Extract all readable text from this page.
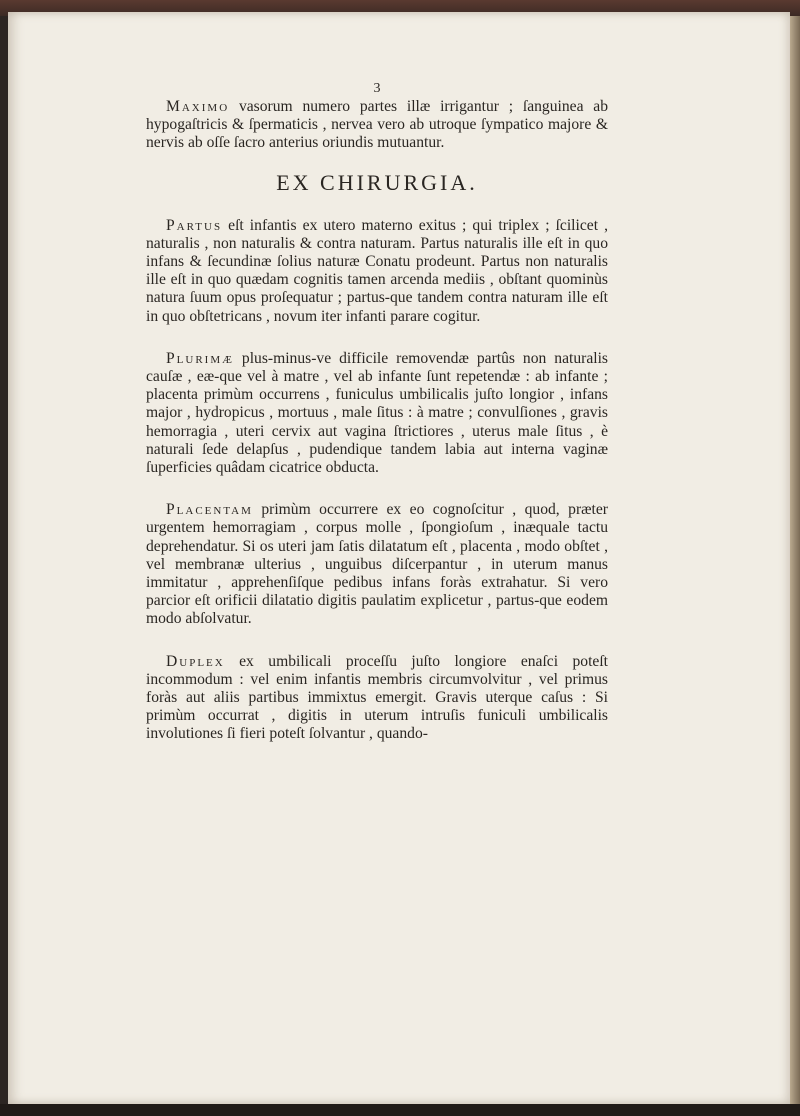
3

Maximo vasorum numero partes illæ irrigantur ; ſanguinea ab hypogaſtricis & ſpermaticis , nervea vero ab utroque ſympatico majore & nervis ab oſſe ſacro anterius oriundis mutuantur.

EX CHIRURGIA.

Partus eſt infantis ex utero materno exitus ; qui triplex ; ſcilicet , naturalis , non naturalis & contra naturam. Partus naturalis ille eſt in quo infans & ſecundinæ ſolius naturæ Conatu prodeunt. Partus non naturalis ille eſt in quo quædam cognitis tamen arcenda mediis , obſtant quominùs natura ſuum opus proſequatur ; partus-que tandem contra naturam ille eſt in quo obſtetricans , novum iter infanti parare cogitur.

Plurimæ plus-minus-ve difficile removendæ partûs non naturalis cauſæ , eæ-que vel à matre , vel ab infante ſunt repetendæ : ab infante ; placenta primùm occurrens , funiculus umbilicalis juſto longior , infans major , hydropicus , mortuus , male ſitus : à matre ; convulſiones , gravis hemorragia , uteri cervix aut vagina ſtrictiores , uterus male ſitus , è naturali ſede delapſus , pudendique tandem labia aut interna vaginæ ſuperficies quâdam cicatrice obducta.

Placentam primùm occurrere ex eo cognoſcitur , quod, præter urgentem hemorragiam , corpus molle , ſpongioſum , inæquale tactu deprehendatur. Si os uteri jam ſatis dilatatum eſt , placenta , modo obſtet , vel membranæ ulterius , unguibus diſcerpantur , in uterum manus immitatur , apprehenſiſque pedibus infans foràs extrahatur. Si vero parcior eſt orificii dilatatio digitis paulatim explicetur , partus-que eodem modo abſolvatur.

Duplex ex umbilicali proceſſu juſto longiore enaſci poteſt incommodum : vel enim infantis membris circumvolvitur , vel primus foràs aut aliis partibus immixtus emergit. Gravis uterque caſus : Si primùm occurrat , digitis in uterum intruſis funiculi umbilicalis involutiones ſi fieri poteſt ſolvantur , quando-
